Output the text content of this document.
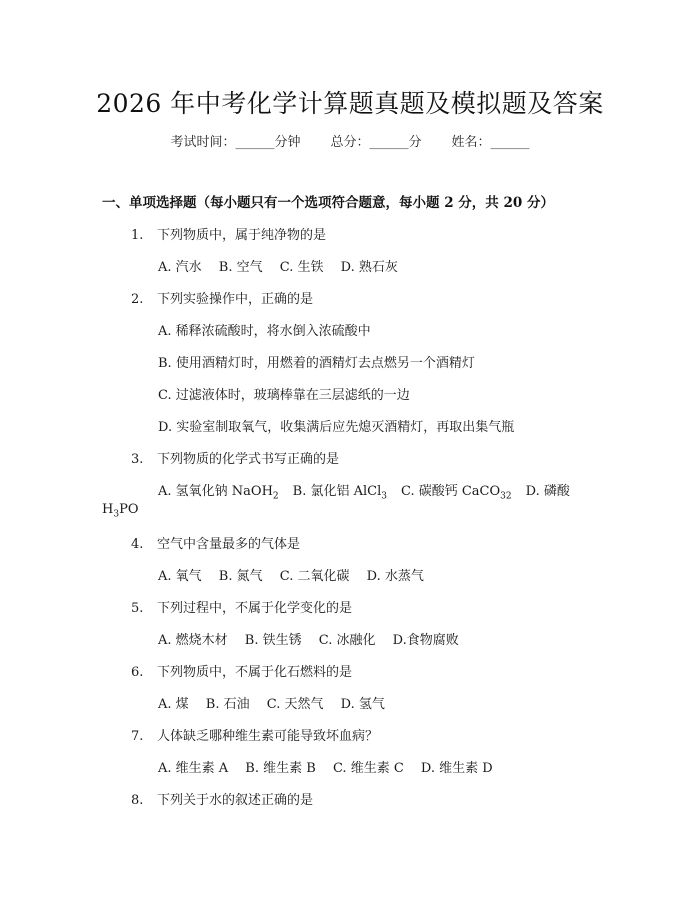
2026 年中考化学计算题真题及模拟题及答案
考试时间：______分钟 总分：______分 姓名：______
一、单项选择题（每小题只有一个选项符合题意，每小题 2 分，共 20 分）
1. 下列物质中，属于纯净物的是
A. 汽水　 B. 空气　 C. 生铁　 D. 熟石灰
2. 下列实验操作中，正确的是
A. 稀释浓硫酸时，将水倒入浓硫酸中
B. 使用酒精灯时，用燃着的酒精灯去点燃另一个酒精灯
C. 过滤液体时，玻璃棒靠在三层滤纸的一边
D. 实验室制取氧气，收集满后应先熄灭酒精灯，再取出集气瓶
3. 下列物质的化学式书写正确的是
A. 氢氧化钠 NaOH$_2$ B. 氯化铝 AlCl$_3$ C. 碳酸钙 CaCO$_{32}$ D. 磷酸
$H_3PO$
4. 空气中含量最多的气体是
A. 氧气　 B. 氮气　 C. 二氧化碳　 D. 水蒸气
5. 下列过程中，不属于化学变化的是
A. 燃烧木材　 B. 铁生锈　 C. 冰融化　 D.食物腐败
6. 下列物质中，不属于化石燃料的是
A. 煤　 B. 石油　 C. 天然气　 D. 氢气
7. 人体缺乏哪种维生素可能导致坏血病？
A. 维生素 A　 B. 维生素 B　 C. 维生素 C　 D. 维生素 D
8. 下列关于水的叙述正确的是
